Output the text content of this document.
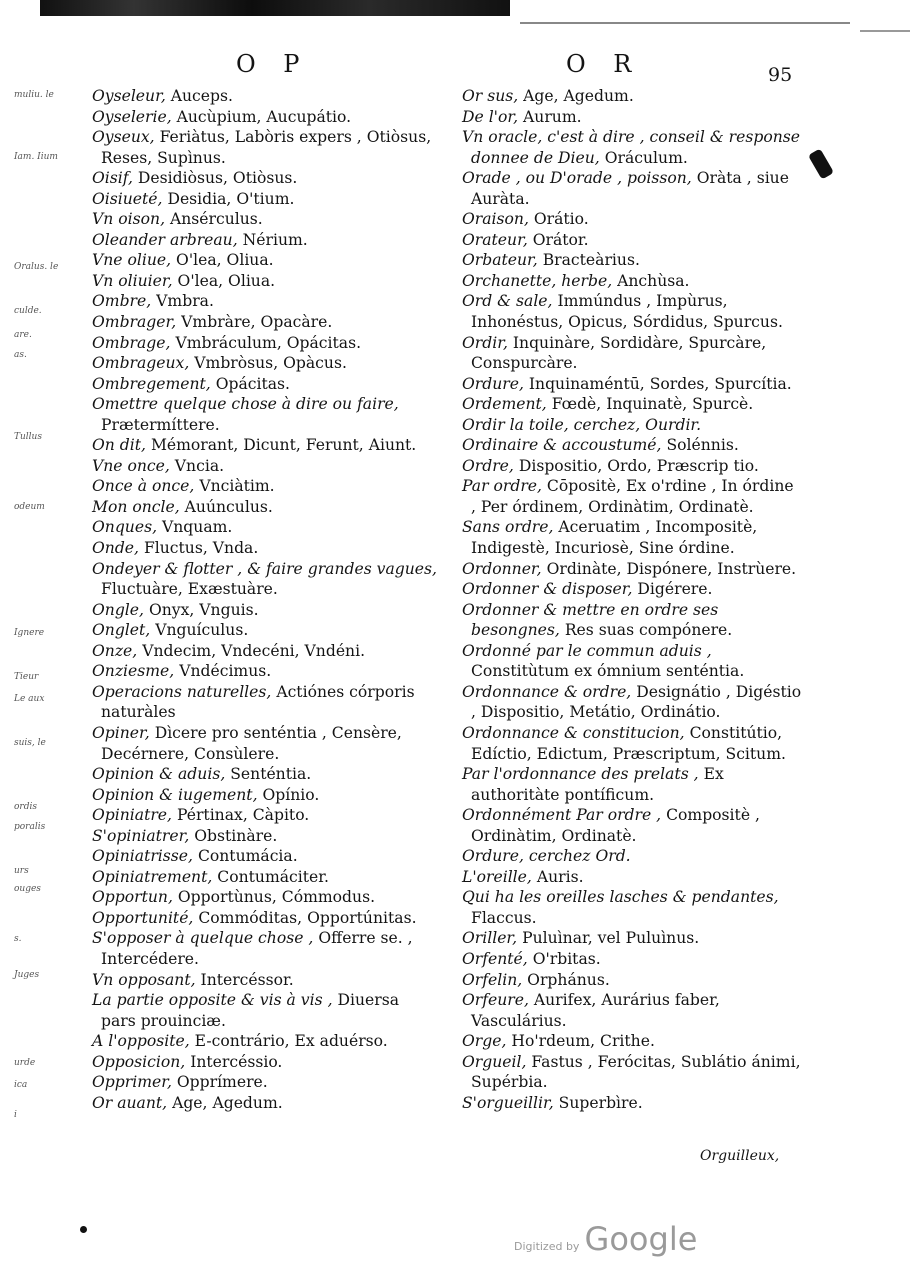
O P	O R	95
muliu. le
Iam. Iium
Oralus. le
culde.
are.
as.
Tullus
odeum
Ignere
Tieur
Le aux
suis, le
ordis
poralis
urs
ouges
s.
Juges
urde
ica
i
Oyseleur, Auceps.
Oyselerie, Aucùpium, Aucupátio.
Oyseux, Feriàtus, Labòris expers , Otiòsus, Reses, Supìnus.
Oisif, Desidiòsus, Otiòsus.
Oisiueté, Desidia, O'tium.
Vn oison, Ansérculus.
Oleander arbreau, Nérium.
Vne oliue, O'lea, Oliua.
Vn oliuier, O'lea, Oliua.
Ombre, Vmbra.
Ombrager, Vmbràre, Opacàre.
Ombrage, Vmbráculum, Opácitas.
Ombrageux, Vmbròsus, Opàcus.
Ombregement, Opácitas.
Omettre quelque chose à dire ou faire, Prætermíttere.
On dit, Mémorant, Dicunt, Ferunt, Aiunt.
Vne once, Vncia.
Once à once, Vnciàtim.
Mon oncle, Auúnculus.
Onques, Vnquam.
Onde, Fluctus, Vnda.
Ondeyer & flotter , & faire grandes vagues, Fluctuàre, Exæstuàre.
Ongle, Onyx, Vnguis.
Onglet, Vnguículus.
Onze, Vndecim, Vndecéni, Vndéni.
Onziesme, Vndécimus.
Operacions naturelles, Actiónes córporis naturàles
Opiner, Dìcere pro senténtia , Censère, Decérnere, Consùlere.
Opinion & aduis, Senténtia.
Opinion & iugement, Opínio.
Opiniatre, Pértinax, Càpito.
S'opiniatrer, Obstinàre.
Opiniatrisse, Contumácia.
Opiniatrement, Contumáciter.
Opportun, Opportùnus, Cómmodus.
Opportunité, Commóditas, Opportúnitas.
S'opposer à quelque chose , Offerre se. , Intercédere.
Vn opposant, Intercéssor.
La partie opposite & vis à vis , Diuersa pars prouinciæ.
A l'opposite, E-contrário, Ex aduérso.
Opposicion, Intercéssio.
Opprimer, Opprímere.
Or auant, Age, Agedum.
Or sus, Age, Agedum.
De l'or, Aurum.
Vn oracle, c'est à dire , conseil & response donnee de Dieu, Oráculum.
Orade , ou D'orade , poisson, Oràta , siue Auràta.
Oraison, Orátio.
Orateur, Orátor.
Orbateur, Bracteàrius.
Orchanette, herbe, Anchùsa.
Ord & sale, Immúndus , Impùrus, Inhonéstus, Opicus, Sórdidus, Spurcus.
Ordir, Inquinàre, Sordidàre, Spurcàre, Conspurcàre.
Ordure, Inquinaméntū, Sordes, Spurcítia.
Ordement, Fœdè, Inquinatè, Spurcè.
Ordir la toile, cerchez, Ourdir.
Ordinaire & accoustumé, Solénnis.
Ordre, Dispositio, Ordo, Præscrip tio.
Par ordre, Cōpositè, Ex o'rdine , In órdine , Per órdinem, Ordinàtim, Ordinatè.
Sans ordre, Aceruatim , Incompositè, Indigestè, Incuriosè, Sine órdine.
Ordonner, Ordinàte, Dispónere, Instrùere.
Ordonner & disposer, Digérere.
Ordonner & mettre en ordre ses besongnes, Res suas compónere.
Ordonné par le commun aduis , Constitùtum ex ómnium senténtia.
Ordonnance & ordre, Designátio , Digéstio , Dispositio, Metátio, Ordinátio.
Ordonnance & constitucion, Constitútio, Edíctio, Edictum, Præscriptum, Scitum.
Par l'ordonnance des prelats , Ex authoritàte pontíficum.
Ordonnément Par ordre , Compositè , Ordinàtim, Ordinatè.
Ordure, cerchez Ord.
L'oreille, Auris.
Qui ha les oreilles lasches & pendantes, Flaccus.
Oriller, Puluìnar, vel Puluìnus.
Orfenté, O'rbitas.
Orfelin, Orphánus.
Orfeure, Aurifex, Aurárius faber, Vasculárius.
Orge, Ho'rdeum, Crithe.
Orgueil, Fastus , Ferócitas, Sublátio ánimi, Supérbia.
S'orgueillir, Superbìre.
Orguilleux,
Digitized by Google
